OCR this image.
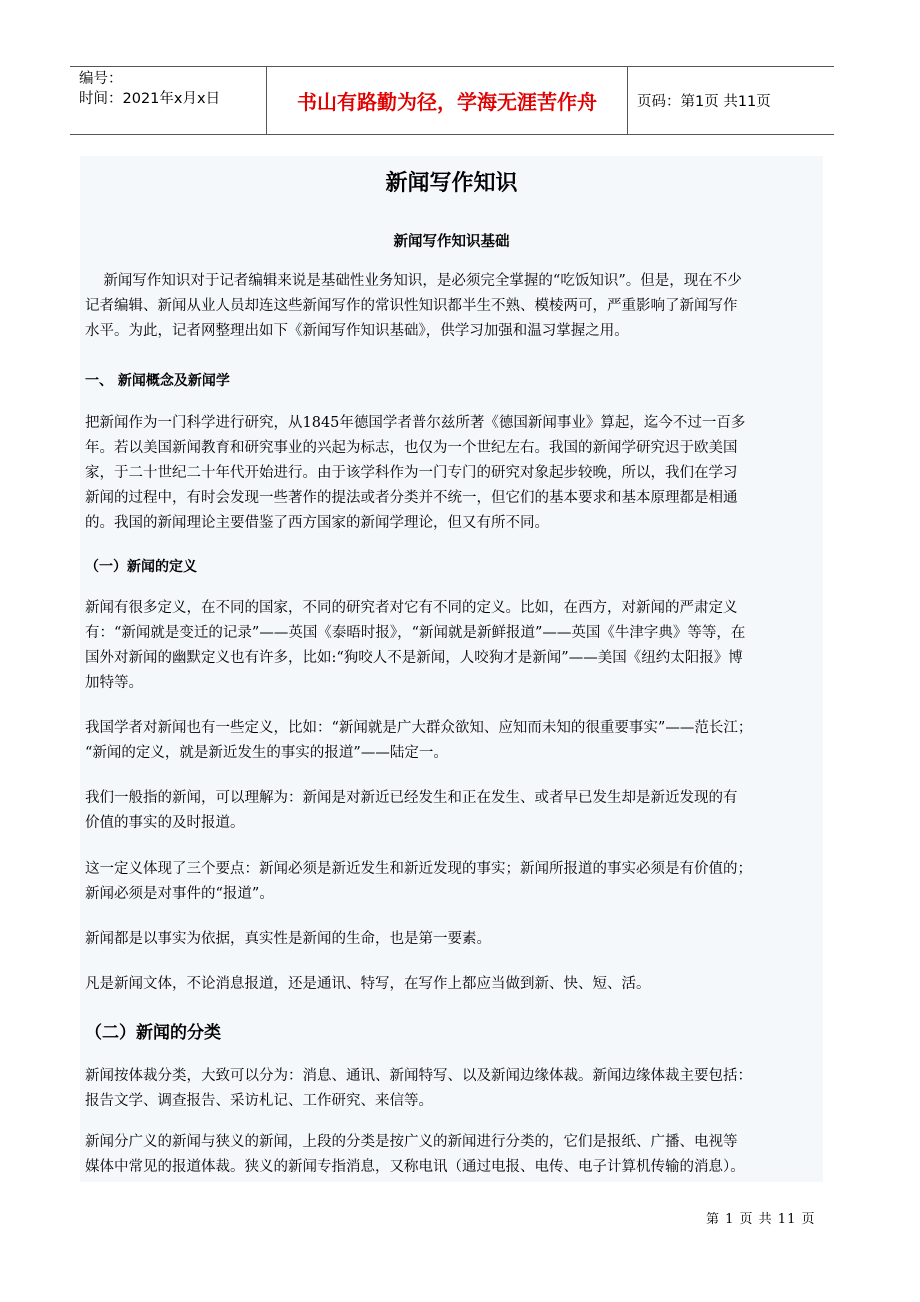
编号：
时间：2021年x月x日	书山有路勤为径，学海无涯苦作舟	页码：第1页 共11页
新闻写作知识
新闻写作知识基础
新闻写作知识对于记者编辑来说是基础性业务知识，是必须完全掌握的“吃饭知识”。但是，现在不少
记者编辑、新闻从业人员却连这些新闻写作的常识性知识都半生不熟、模棱两可，严重影响了新闻写作
水平。为此，记者网整理出如下《新闻写作知识基础》，供学习加强和温习掌握之用。
一、 新闻概念及新闻学
把新闻作为一门科学进行研究，从1845年德国学者普尔兹所著《德国新闻事业》算起，迄今不过一百多
年。若以美国新闻教育和研究事业的兴起为标志，也仅为一个世纪左右。我国的新闻学研究迟于欧美国
家，于二十世纪二十年代开始进行。由于该学科作为一门专门的研究对象起步较晚，所以，我们在学习
新闻的过程中，有时会发现一些著作的提法或者分类并不统一，但它们的基本要求和基本原理都是相通
的。我国的新闻理论主要借鉴了西方国家的新闻学理论，但又有所不同。
（一）新闻的定义
新闻有很多定义，在不同的国家，不同的研究者对它有不同的定义。比如，在西方，对新闻的严肃定义
有：“新闻就是变迁的记录”——英国《泰晤时报》，“新闻就是新鲜报道”——英国《牛津字典》等等，在
国外对新闻的幽默定义也有许多，比如:“狗咬人不是新闻，人咬狗才是新闻”——美国《纽约太阳报》博
加特等。
我国学者对新闻也有一些定义，比如：“新闻就是广大群众欲知、应知而未知的很重要事实”——范长江；
“新闻的定义，就是新近发生的事实的报道”——陆定一。
我们一般指的新闻，可以理解为：新闻是对新近已经发生和正在发生、或者早已发生却是新近发现的有
价值的事实的及时报道。
这一定义体现了三个要点：新闻必须是新近发生和新近发现的事实；新闻所报道的事实必须是有价值的；
新闻必须是对事件的“报道”。
新闻都是以事实为依据，真实性是新闻的生命，也是第一要素。
凡是新闻文体，不论消息报道，还是通讯、特写，在写作上都应当做到新、快、短、活。
（二）新闻的分类
新闻按体裁分类，大致可以分为：消息、通讯、新闻特写、以及新闻边缘体裁。新闻边缘体裁主要包括：
报告文学、调查报告、采访札记、工作研究、来信等。
新闻分广义的新闻与狭义的新闻，上段的分类是按广义的新闻进行分类的，它们是报纸、广播、电视等
媒体中常见的报道体裁。狭义的新闻专指消息，又称电讯（通过电报、电传、电子计算机传输的消息）。
第 1 页 共 11 页
